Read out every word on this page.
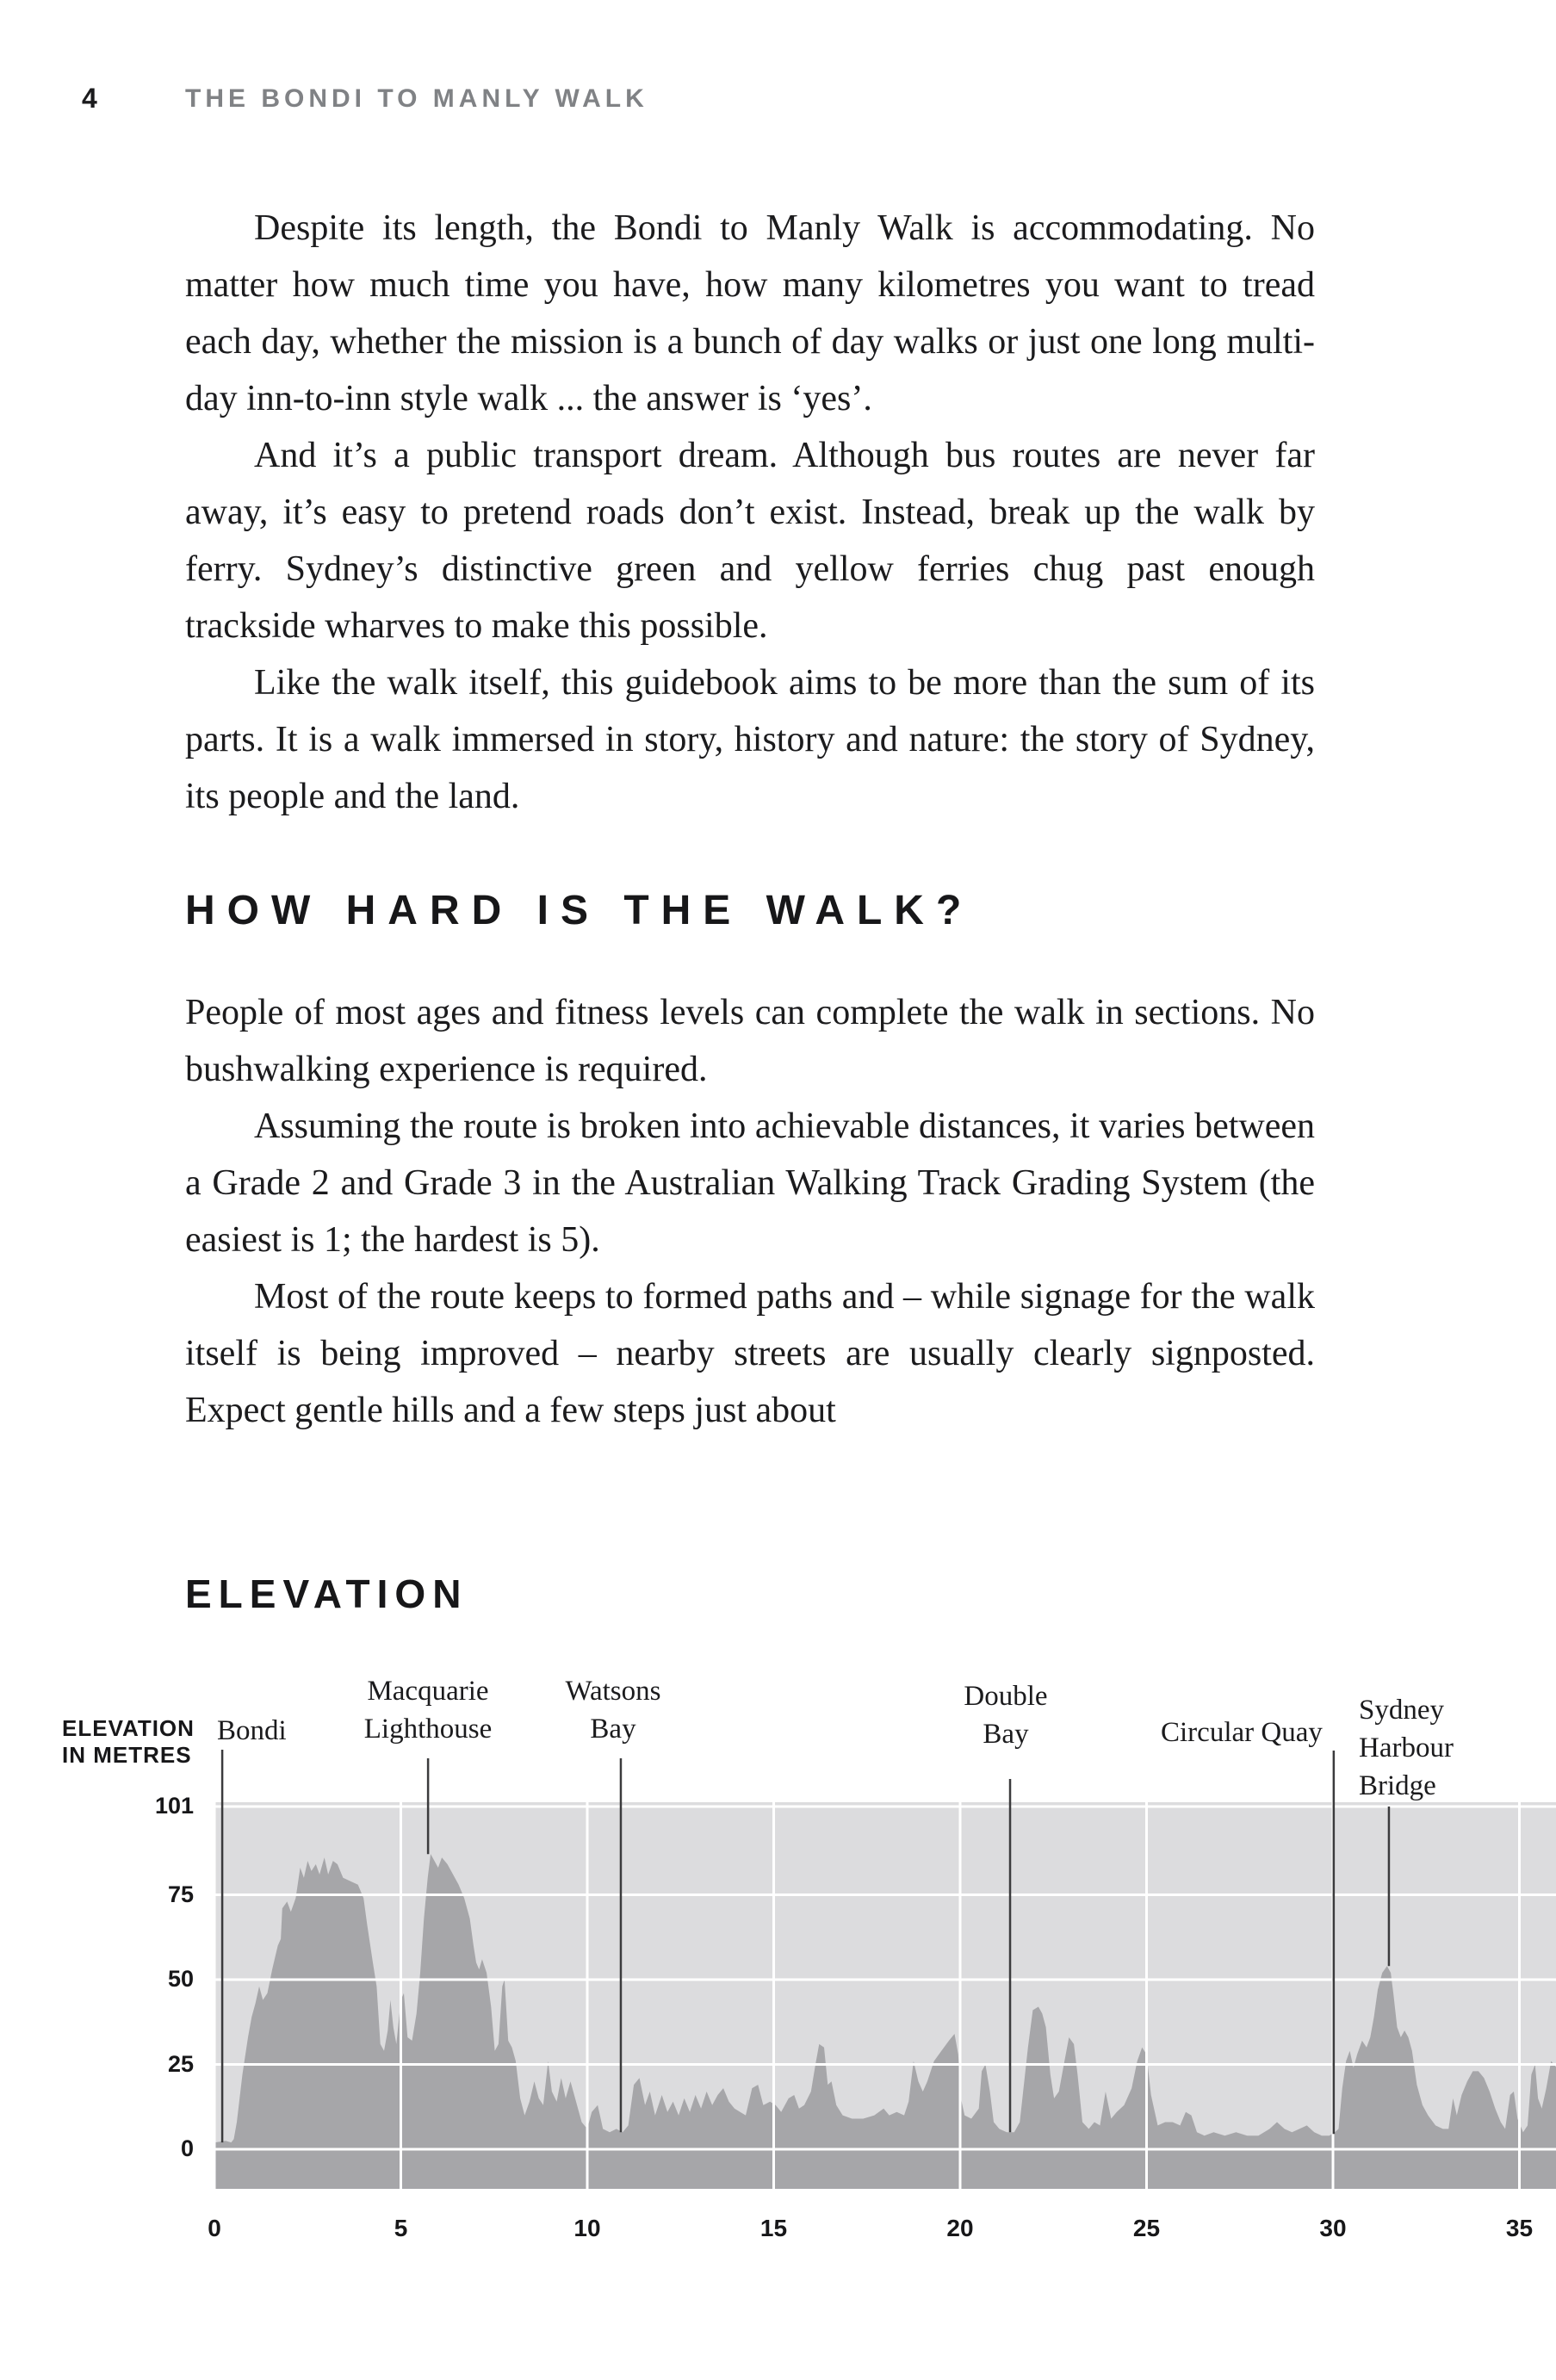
4	THE BONDI TO MANLY WALK

Despite its length, the Bondi to Manly Walk is accommodating. No matter how much time you have, how many kilometres you want to tread each day, whether the mission is a bunch of day walks or just one long multi-day inn-to-inn style walk ... the answer is ‘yes’.

And it’s a public transport dream. Although bus routes are never far away, it’s easy to pretend roads don’t exist. Instead, break up the walk by ferry. Sydney’s distinctive green and yellow ferries chug past enough trackside wharves to make this possible.

Like the walk itself, this guidebook aims to be more than the sum of its parts. It is a walk immersed in story, history and nature: the story of Sydney, its people and the land.

HOW HARD IS THE WALK?

People of most ages and fitness levels can complete the walk in sections. No bushwalking experience is required.

Assuming the route is broken into achievable distances, it varies between a Grade 2 and Grade 3 in the Australian Walking Track Grading System (the easiest is 1; the hardest is 5).

Most of the route keeps to formed paths and – while signage for the walk itself is being improved – nearby streets are usually clearly signposted. Expect gentle hills and a few steps just about

ELEVATION
ELEVATION
IN METRES
Bondi
Macquarie
Lighthouse
Watsons
Bay
Double
Bay	Circular Quay
Sydney
Harbour
Bridge
101
75
50
25
0
0	5	10	15	20	25	30	35
